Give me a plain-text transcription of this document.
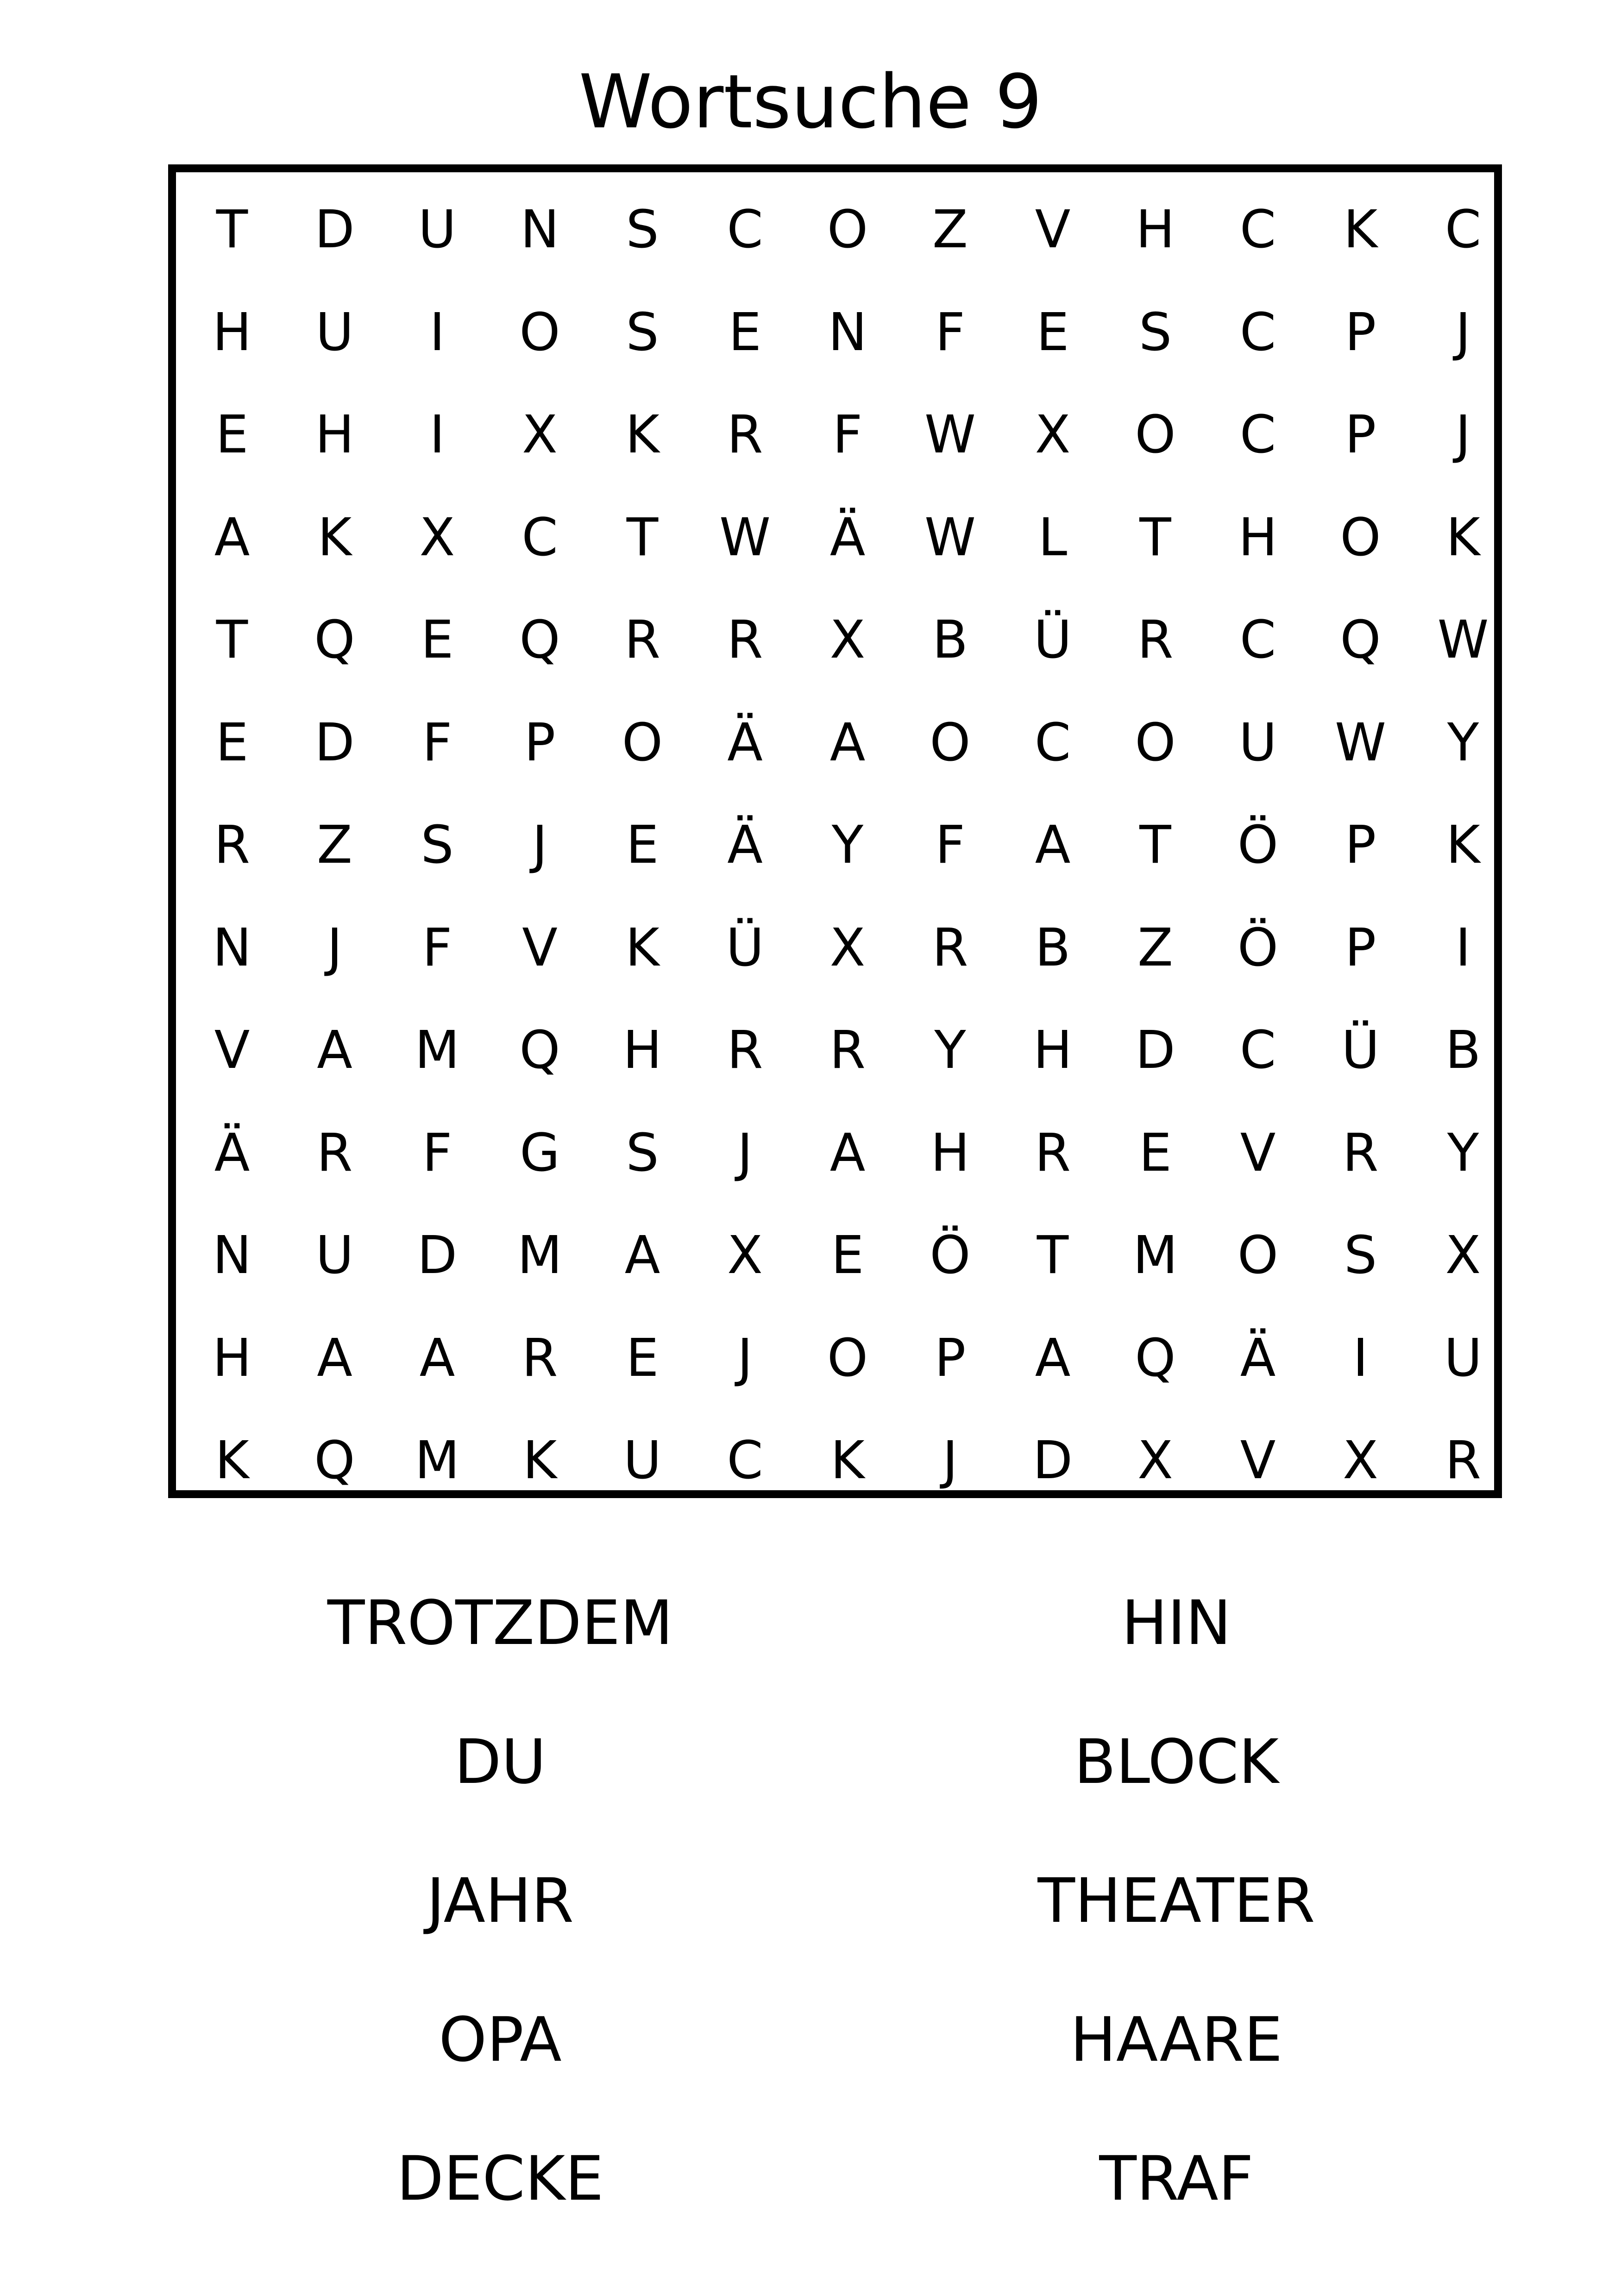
Wortsuche 9
T	D	U	N	S	C	O	Z	V	H	C	K	C
H	U	I	O	S	E	N	F	E	S	C	P	J
E	H	I	X	K	R	F	W	X	O	C	P	J
A	K	X	C	T	W	Ä	W	L	T	H	O	K
T	Q	E	Q	R	R	X	B	Ü	R	C	Q	W
E	D	F	P	O	Ä	A	O	C	O	U	W	Y
R	Z	S	J	E	Ä	Y	F	A	T	Ö	P	K
N	J	F	V	K	Ü	X	R	B	Z	Ö	P	I
V	A	M	Q	H	R	R	Y	H	D	C	Ü	B
Ä	R	F	G	S	J	A	H	R	E	V	R	Y
N	U	D	M	A	X	E	Ö	T	M	O	S	X
H	A	A	R	E	J	O	P	A	Q	Ä	I	U
K	Q	M	K	U	C	K	J	D	X	V	X	R
TROTZDEM
DU
JAHR
OPA
DECKE
HIN
BLOCK
THEATER
HAARE
TRAF
